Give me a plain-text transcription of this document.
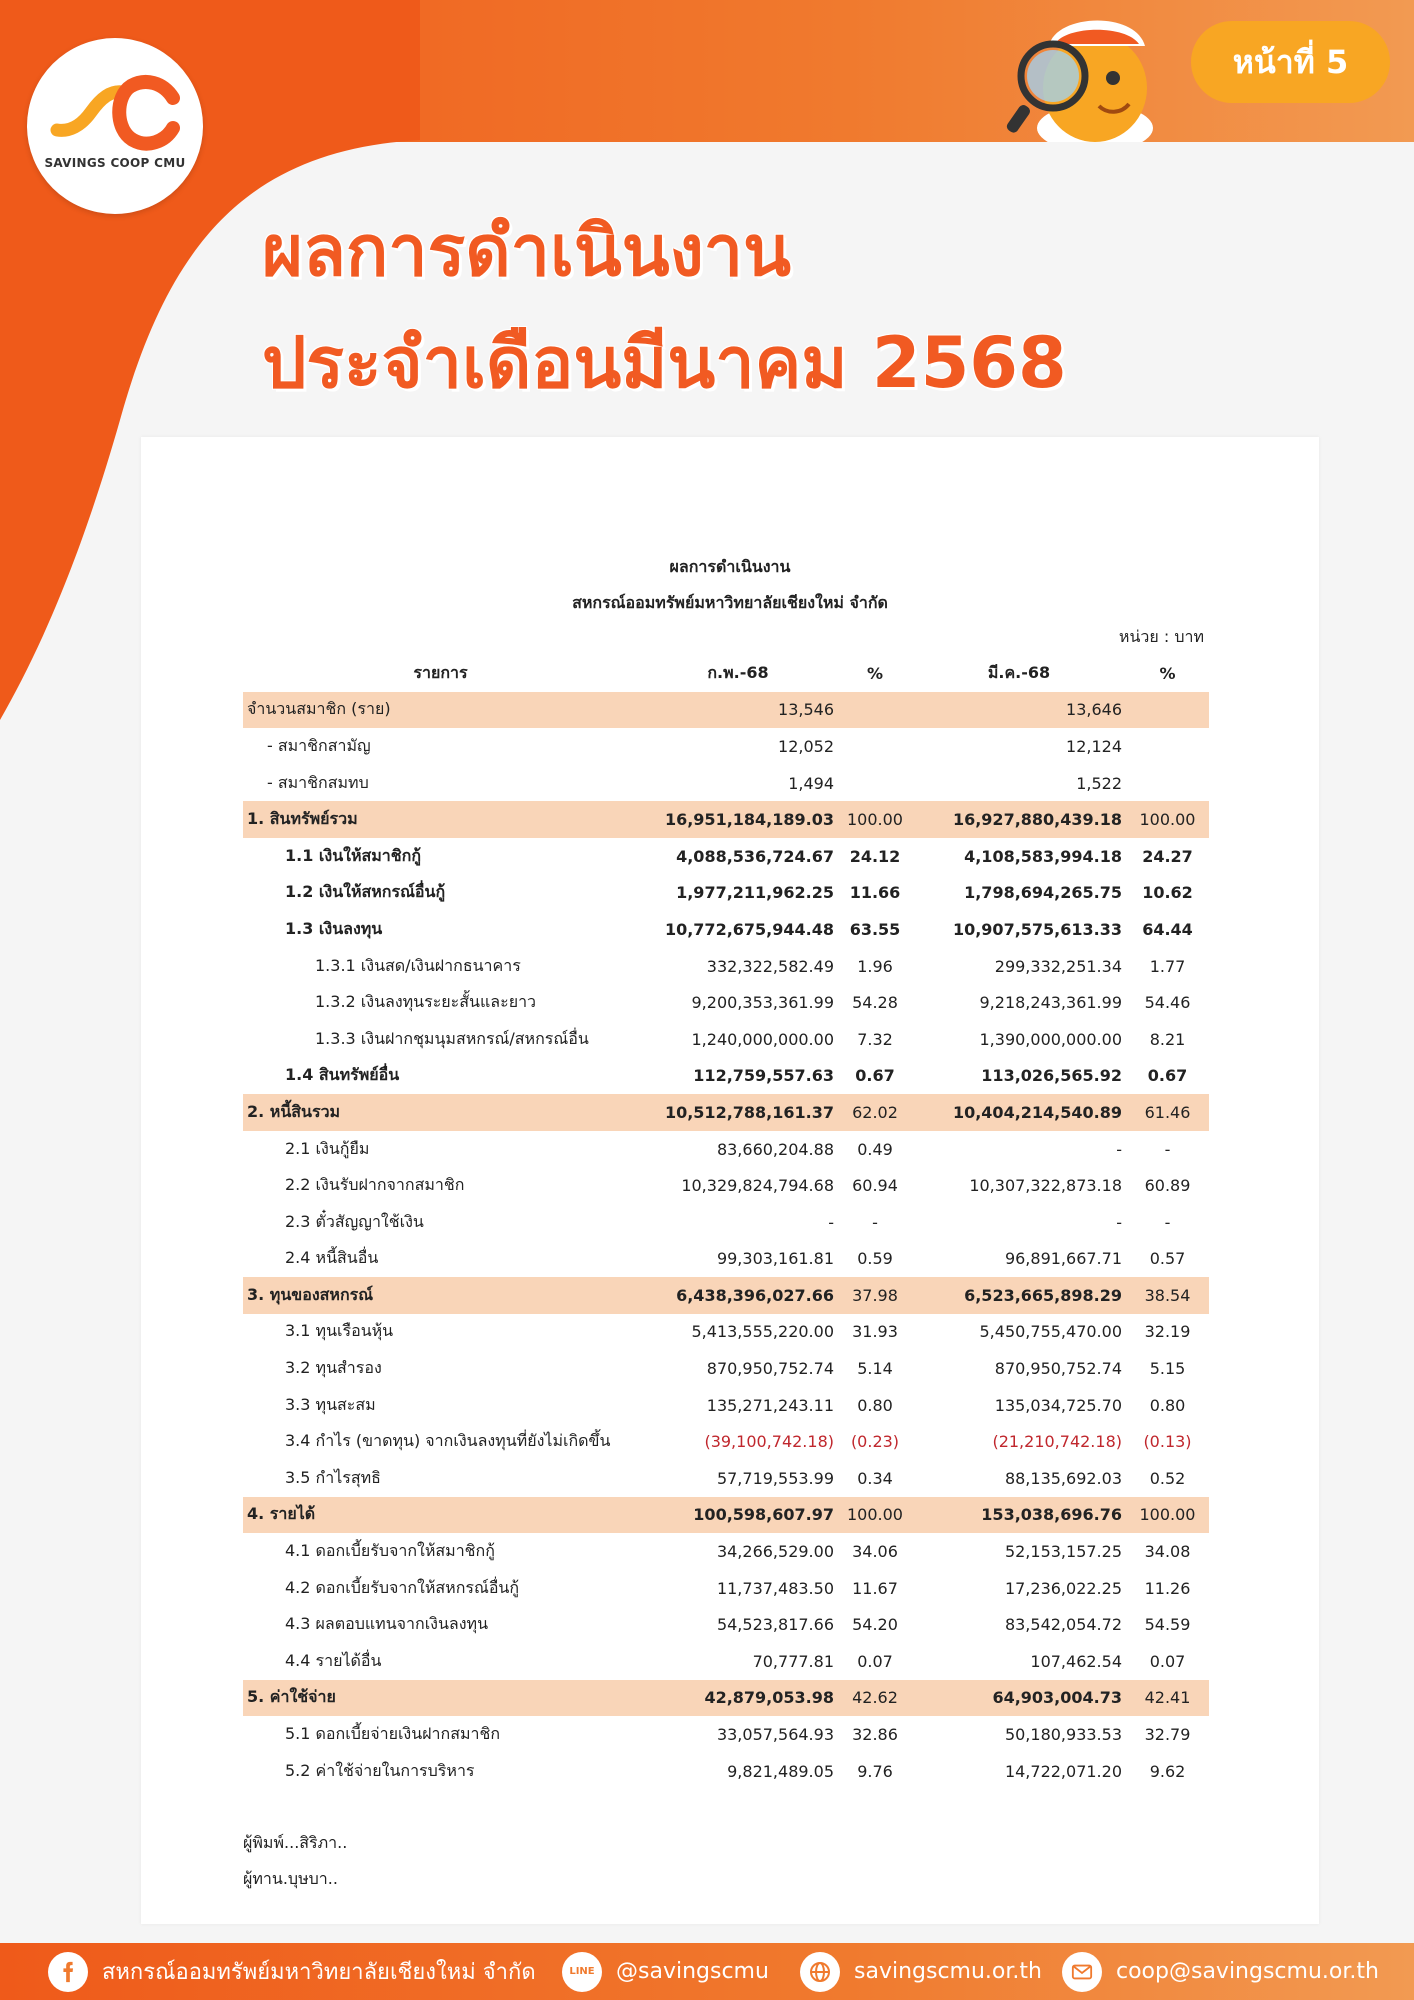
SAVINGS COOP CMU
หน้าที่ 5
ผลการดำเนินงาน
ประจำเดือนมีนาคม 2568
ผลการดำเนินงาน
สหกรณ์ออมทรัพย์มหาวิทยาลัยเชียงใหม่ จำกัด
หน่วย : บาท
รายการ	ก.พ.-68	%	มี.ค.-68	%
จำนวนสมาชิก (ราย)	13,546		13,646	
- สมาชิกสามัญ	12,052		12,124	
- สมาชิกสมทบ	1,494		1,522	
1. สินทรัพย์รวม	16,951,184,189.03	100.00	16,927,880,439.18	100.00
1.1 เงินให้สมาชิกกู้	4,088,536,724.67	24.12	4,108,583,994.18	24.27
1.2 เงินให้สหกรณ์อื่นกู้	1,977,211,962.25	11.66	1,798,694,265.75	10.62
1.3 เงินลงทุน	10,772,675,944.48	63.55	10,907,575,613.33	64.44
1.3.1 เงินสด/เงินฝากธนาคาร	332,322,582.49	1.96	299,332,251.34	1.77
1.3.2 เงินลงทุนระยะสั้นและยาว	9,200,353,361.99	54.28	9,218,243,361.99	54.46
1.3.3 เงินฝากชุมนุมสหกรณ์/สหกรณ์อื่น	1,240,000,000.00	7.32	1,390,000,000.00	8.21
1.4 สินทรัพย์อื่น	112,759,557.63	0.67	113,026,565.92	0.67
2. หนี้สินรวม	10,512,788,161.37	62.02	10,404,214,540.89	61.46
2.1 เงินกู้ยืม	83,660,204.88	0.49	-	-
2.2 เงินรับฝากจากสมาชิก	10,329,824,794.68	60.94	10,307,322,873.18	60.89
2.3 ตั๋วสัญญาใช้เงิน	-	-	-	-
2.4 หนี้สินอื่น	99,303,161.81	0.59	96,891,667.71	0.57
3. ทุนของสหกรณ์	6,438,396,027.66	37.98	6,523,665,898.29	38.54
3.1 ทุนเรือนหุ้น	5,413,555,220.00	31.93	5,450,755,470.00	32.19
3.2 ทุนสำรอง	870,950,752.74	5.14	870,950,752.74	5.15
3.3 ทุนสะสม	135,271,243.11	0.80	135,034,725.70	0.80
3.4 กำไร (ขาดทุน) จากเงินลงทุนที่ยังไม่เกิดขึ้น	(39,100,742.18)	(0.23)	(21,210,742.18)	(0.13)
3.5 กำไรสุทธิ	57,719,553.99	0.34	88,135,692.03	0.52
4. รายได้	100,598,607.97	100.00	153,038,696.76	100.00
4.1 ดอกเบี้ยรับจากให้สมาชิกกู้	34,266,529.00	34.06	52,153,157.25	34.08
4.2 ดอกเบี้ยรับจากให้สหกรณ์อื่นกู้	11,737,483.50	11.67	17,236,022.25	11.26
4.3 ผลตอบแทนจากเงินลงทุน	54,523,817.66	54.20	83,542,054.72	54.59
4.4 รายได้อื่น	70,777.81	0.07	107,462.54	0.07
5. ค่าใช้จ่าย	42,879,053.98	42.62	64,903,004.73	42.41
5.1 ดอกเบี้ยจ่ายเงินฝากสมาชิก	33,057,564.93	32.86	50,180,933.53	32.79
5.2 ค่าใช้จ่ายในการบริหาร	9,821,489.05	9.76	14,722,071.20	9.62
ผู้พิมพ์...สิริภา..
ผู้ทาน.บุษบา..
สหกรณ์ออมทรัพย์มหาวิทยาลัยเชียงใหม่ จำกัด	LINE @savingscmu	savingscmu.or.th	coop@savingscmu.or.th
